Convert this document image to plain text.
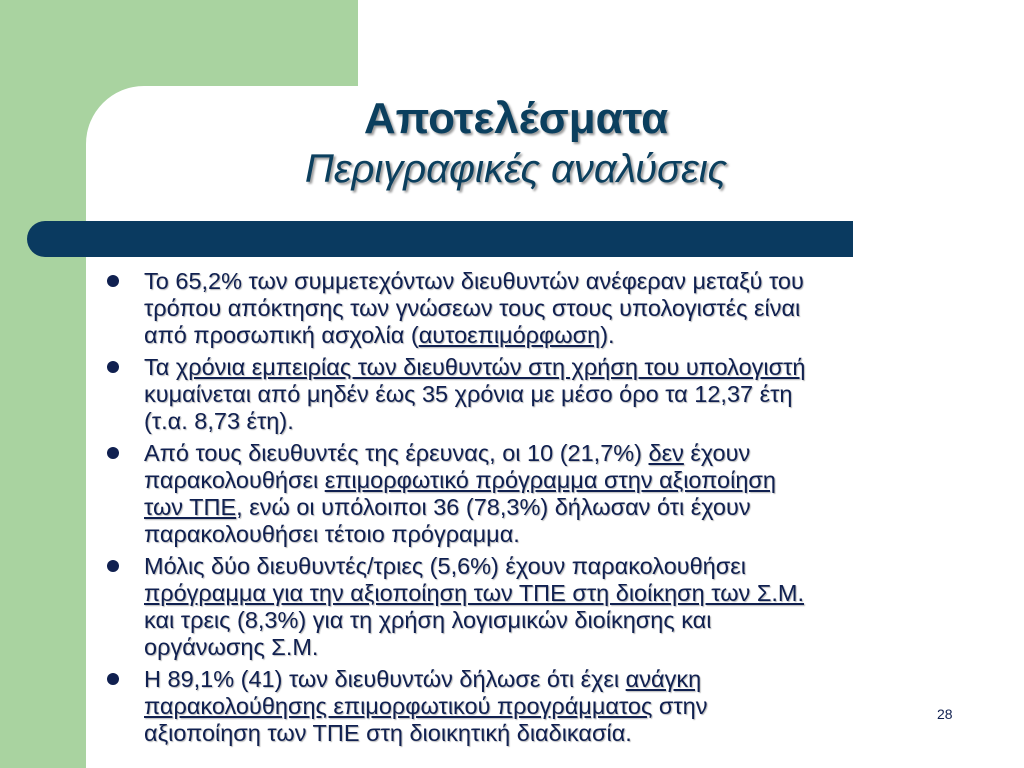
Αποτελέσματα
Περιγραφικές αναλύσεις
Το 65,2% των συμμετεχόντων διευθυντών ανέφεραν μεταξύ του
τρόπου απόκτησης των γνώσεων τους στους υπολογιστές είναι
από προσωπική ασχολία (αυτοεπιμόρφωση).
Τα χρόνια εμπειρίας των διευθυντών στη χρήση του υπολογιστή
κυμαίνεται από μηδέν έως 35 χρόνια με μέσο όρο τα 12,37 έτη
(τ.α. 8,73 έτη).
Από τους διευθυντές της έρευνας, οι 10 (21,7%) δεν έχουν
παρακολουθήσει επιμορφωτικό πρόγραμμα στην αξιοποίηση
των ΤΠΕ, ενώ οι υπόλοιποι 36 (78,3%) δήλωσαν ότι έχουν
παρακολουθήσει τέτοιο πρόγραμμα.
Μόλις δύο διευθυντές/τριες (5,6%) έχουν παρακολουθήσει
πρόγραμμα για την αξιοποίηση των ΤΠΕ στη διοίκηση των Σ.Μ.
και τρεις (8,3%) για τη χρήση λογισμικών διοίκησης και
οργάνωσης Σ.Μ.
Η 89,1% (41) των διευθυντών δήλωσε ότι έχει ανάγκη
παρακολούθησης επιμορφωτικού προγράμματος στην
αξιοποίηση των ΤΠΕ στη διοικητική διαδικασία.
28
